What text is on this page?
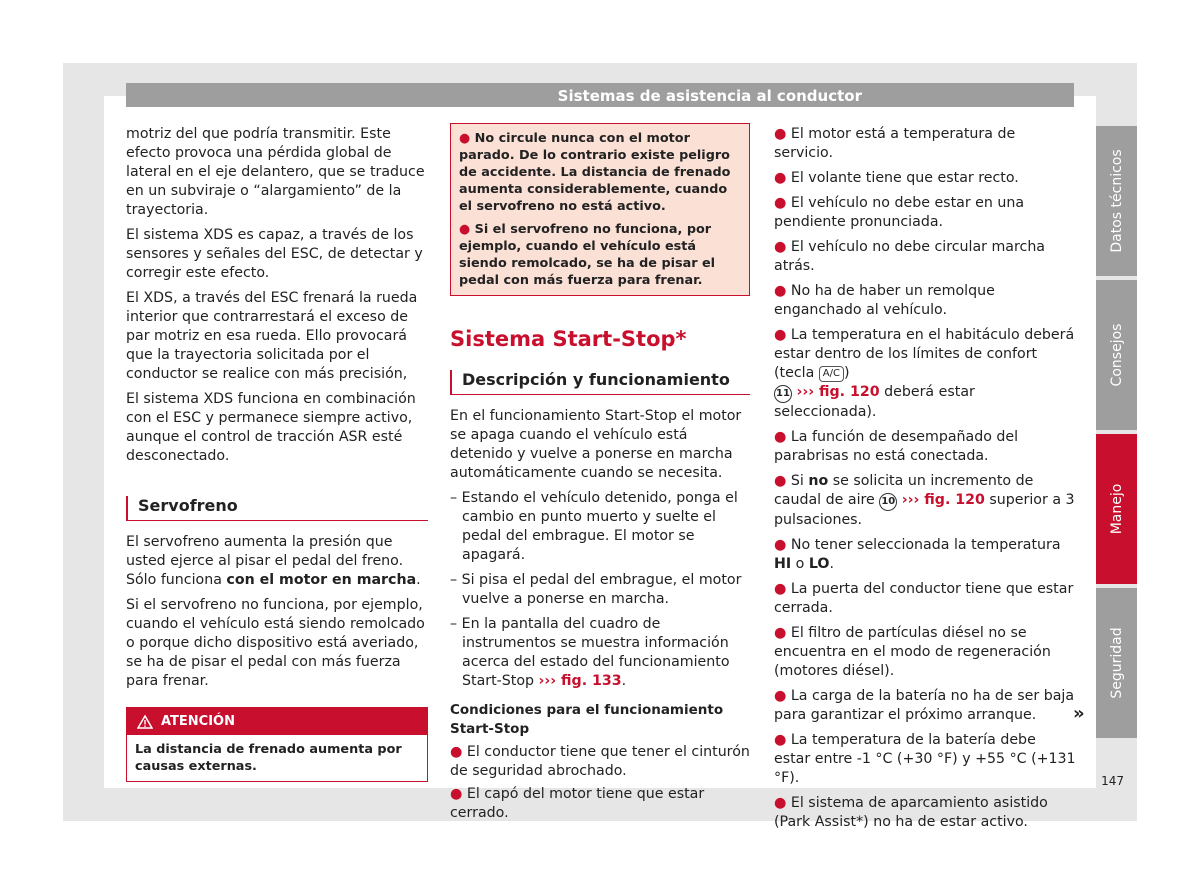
Sistemas de asistencia al conductor

motriz del que podría transmitir. Este efecto provoca una pérdida global de lateral en el eje delantero, que se traduce en un subviraje o “alargamiento” de la trayectoria.

El sistema XDS es capaz, a través de los sensores y señales del ESC, de detectar y corregir este efecto.

El XDS, a través del ESC frenará la rueda interior que contrarrestará el exceso de par motriz en esa rueda. Ello provocará que la trayectoria solicitada por el conductor se realice con más precisión,

El sistema XDS funciona en combinación con el ESC y permanece siempre activo, aunque el control de tracción ASR esté desconectado.

Servofreno

El servofreno aumenta la presión que usted ejerce al pisar el pedal del freno. Sólo funciona con el motor en marcha.

Si el servofreno no funciona, por ejemplo, cuando el vehículo está siendo remolcado o porque dicho dispositivo está averiado, se ha de pisar el pedal con más fuerza para frenar.

ATENCIÓN
La distancia de frenado aumenta por causas externas.

● No circule nunca con el motor parado. De lo contrario existe peligro de accidente. La distancia de frenado aumenta considerablemente, cuando el servofreno no está activo.

● Si el servofreno no funciona, por ejemplo, cuando el vehículo está siendo remolcado, se ha de pisar el pedal con más fuerza para frenar.

Sistema Start-Stop*
Descripción y funcionamiento

En el funcionamiento Start-Stop el motor se apaga cuando el vehículo está detenido y vuelve a ponerse en marcha automáticamente cuando se necesita.

– Estando el vehículo detenido, ponga el cambio en punto muerto y suelte el pedal del embrague. El motor se apagará.

– Si pisa el pedal del embrague, el motor vuelve a ponerse en marcha.

– En la pantalla del cuadro de instrumentos se muestra información acerca del estado del funcionamiento Start-Stop ››› fig. 133.

Condiciones para el funcionamiento Start-Stop

● El conductor tiene que tener el cinturón de seguridad abrochado.

● El capó del motor tiene que estar cerrado.

● El motor está a temperatura de servicio.

● El volante tiene que estar recto.

● El vehículo no debe estar en una pendiente pronunciada.

● El vehículo no debe circular marcha atrás.

● No ha de haber un remolque enganchado al vehículo.

● La temperatura en el habitáculo deberá estar dentro de los límites de confort (tecla A/C )
11 ››› fig. 120 deberá estar seleccionada).

● La función de desempañado del parabrisas no está conectada.

● Si no se solicita un incremento de caudal de aire 10 ››› fig. 120 superior a 3 pulsaciones.

● No tener seleccionada la temperatura HI o LO.

● La puerta del conductor tiene que estar cerrada.

● El filtro de partículas diésel no se encuentra en el modo de regeneración (motores diésel).

● La carga de la batería no ha de ser baja para garantizar el próximo arranque.

● La temperatura de la batería debe estar entre -1 °C (+30 °F) y +55 °C (+131 °F).

● El sistema de aparcamiento asistido (Park Assist*) no ha de estar activo.

»
Datos técnicos
Consejos
Manejo
Seguridad
147
